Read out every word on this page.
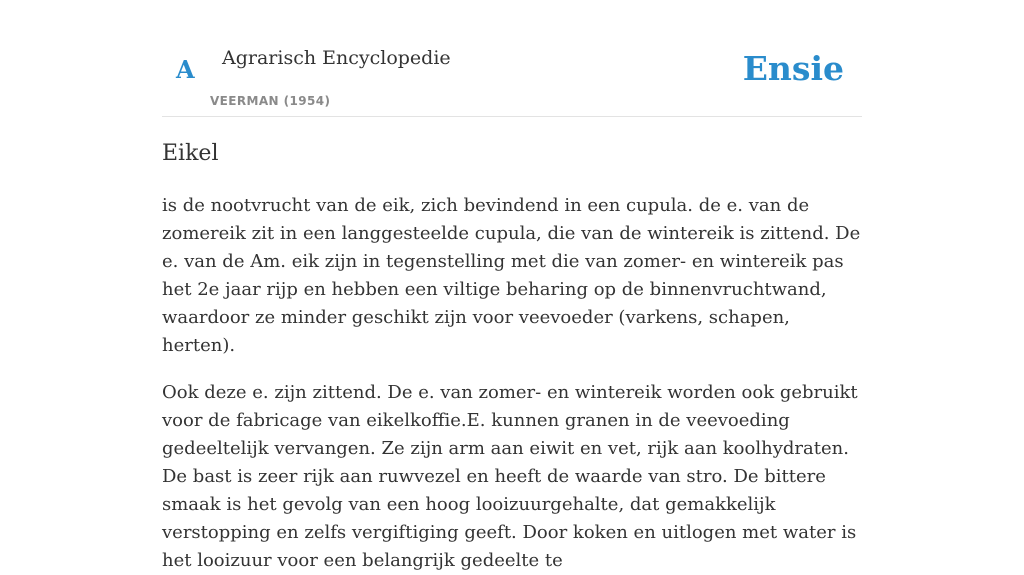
A Agrarisch Encyclopedie
VEERMAN (1954)
Ensie
Eikel

is de nootvrucht van de eik, zich bevindend in een cupula. de e. van de zomereik zit in een langgesteelde cupula, die van de wintereik is zittend. De e. van de Am. eik zijn in tegenstelling met die van zomer- en wintereik pas het 2e jaar rijp en hebben een viltige beharing op de binnenvruchtwand, waardoor ze minder geschikt zijn voor veevoeder (varkens, schapen, herten).

Ook deze e. zijn zittend. De e. van zomer- en wintereik worden ook gebruikt voor de fabricage van eikelkoffie.E. kunnen granen in de veevoeding gedeeltelijk vervangen. Ze zijn arm aan eiwit en vet, rijk aan koolhydraten. De bast is zeer rijk aan ruwvezel en heeft de waarde van stro. De bittere smaak is het gevolg van een hoog looizuurgehalte, dat gemakkelijk verstopping en zelfs vergiftiging geeft. Door koken en uitlogen met water is het looizuur voor een belangrijk gedeelte te
